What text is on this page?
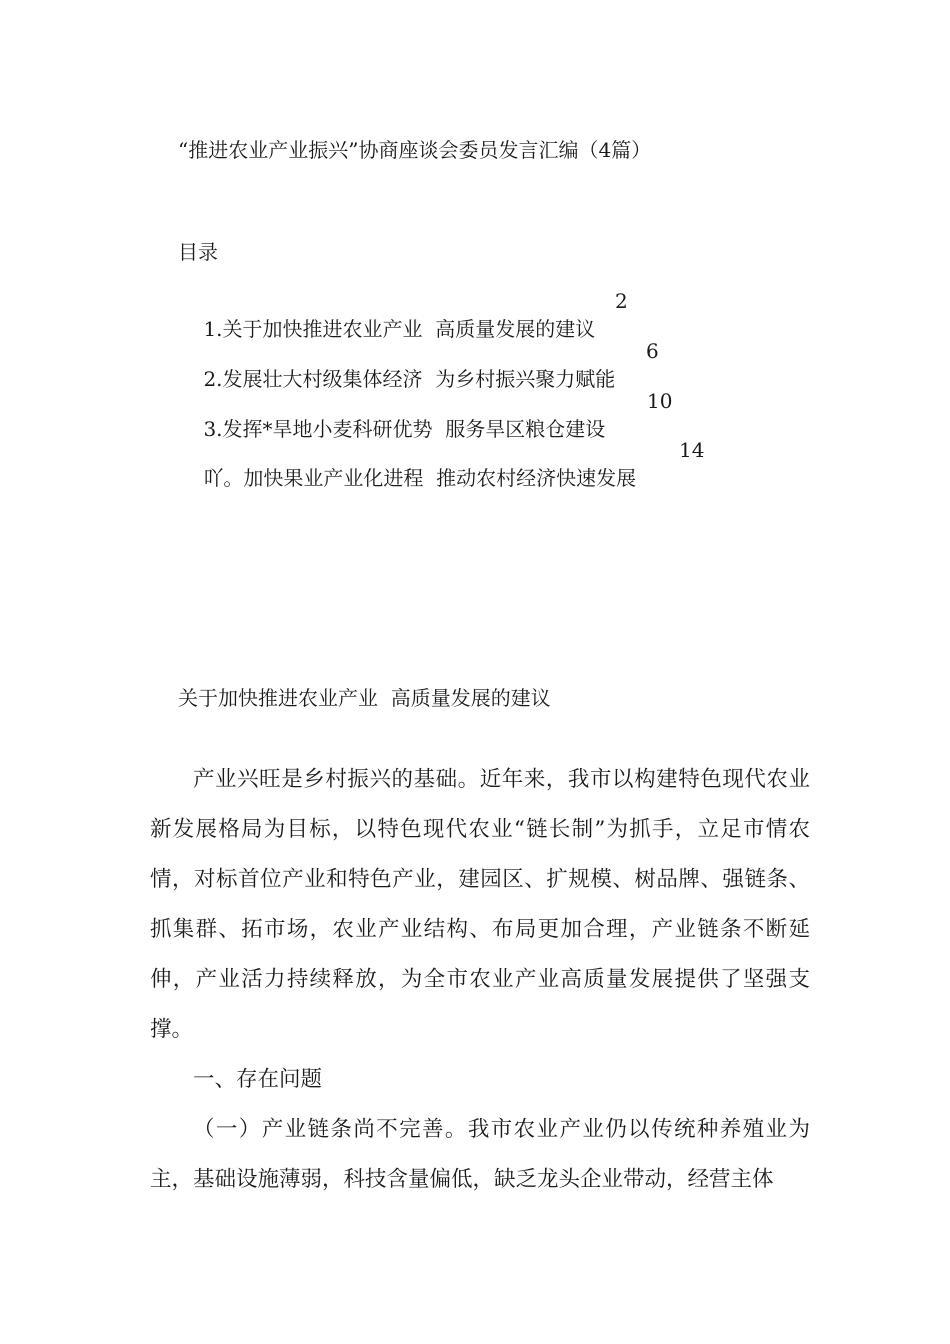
“推进农业产业振兴”协商座谈会委员发言汇编（4篇）
目录

1.关于加快推进农业产业  高质量发展的建议
2

2.发展壮大村级集体经济  为乡村振兴聚力赋能
6

3.发挥*旱地小麦科研优势  服务旱区粮仓建设
10

吖。加快果业产业化进程  推动农村经济快速发展
14

关于加快推进农业产业  高质量发展的建议

产业兴旺是乡村振兴的基础。近年来，我市以构建特色现代农业新发展格局为目标，以特色现代农业“链长制”为抓手，立足市情农情，对标首位产业和特色产业，建园区、扩规模、树品牌、强链条、抓集群、拓市场，农业产业结构、布局更加合理，产业链条不断延伸，产业活力持续释放，为全市农业产业高质量发展提供了坚强支撑。

一、存在问题

（一）产业链条尚不完善。我市农业产业仍以传统种养殖业为主，基础设施薄弱，科技含量偏低，缺乏龙头企业带动，经营主体
